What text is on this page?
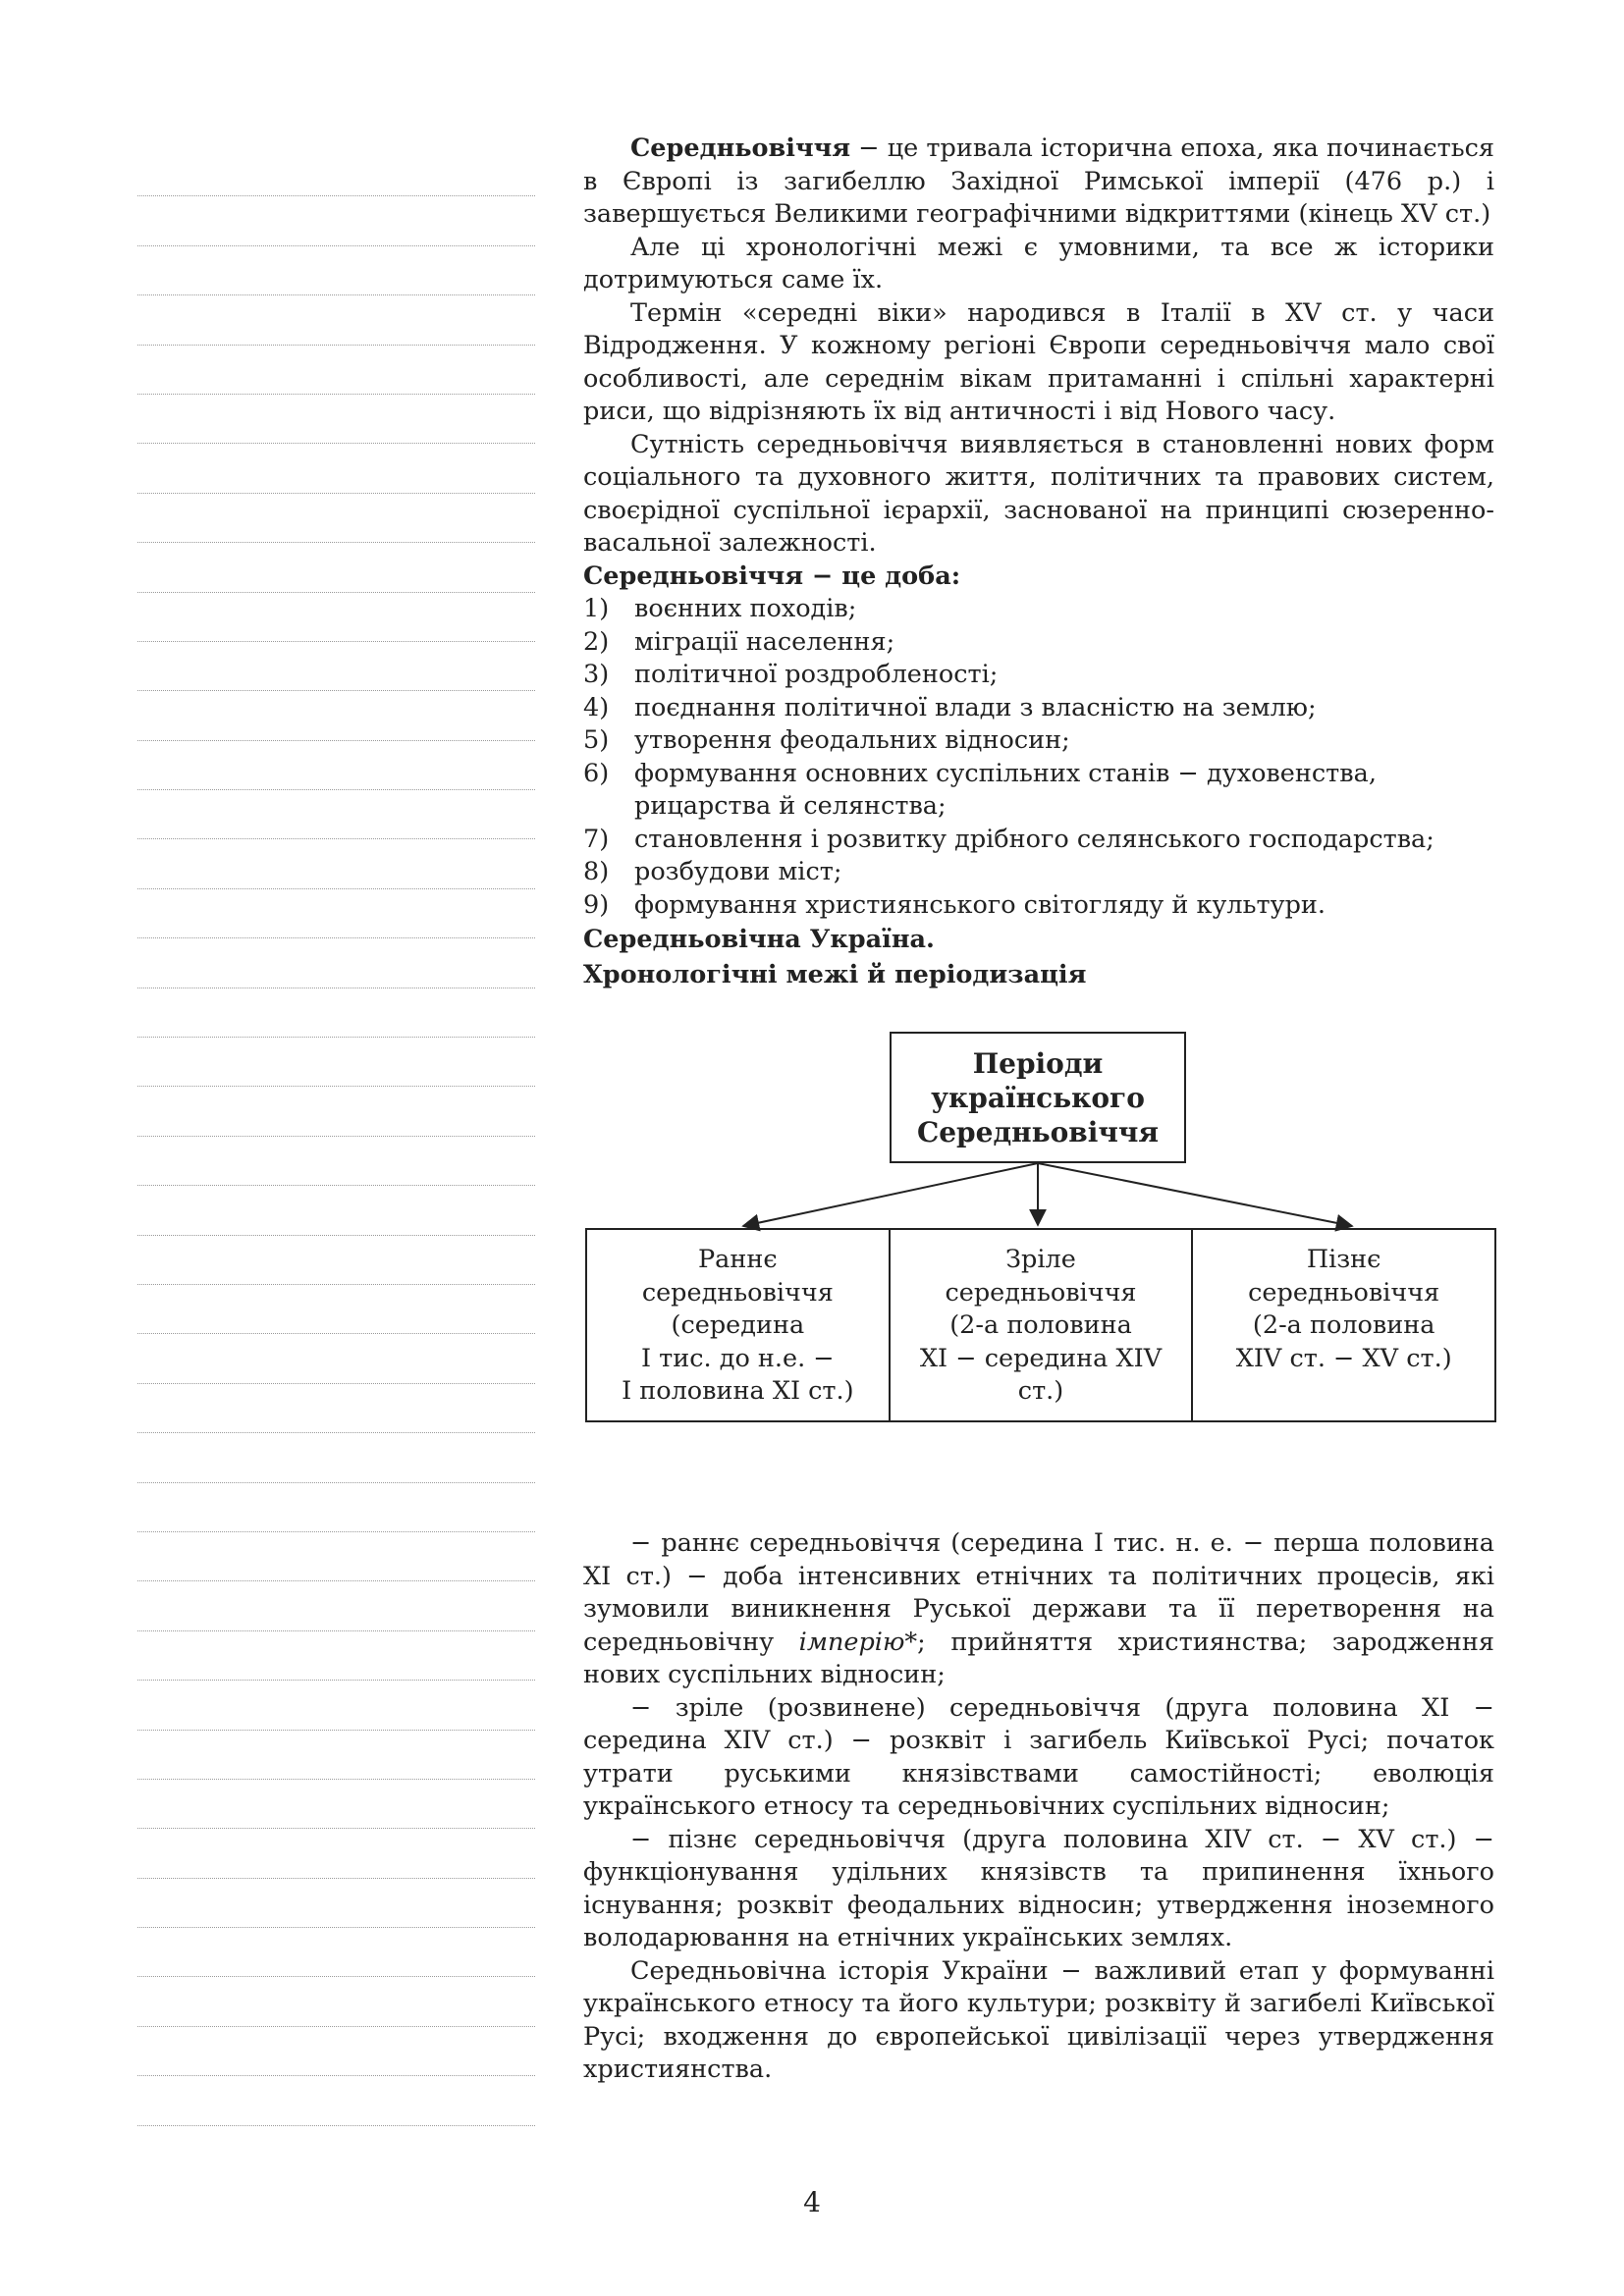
Середньовіччя − це тривала історична епоха, яка починається в Європі із загибеллю Західної Римської імперії (476 р.) і завершується Великими географічними відкриттями (кінець XV ст.)

Але ці хронологічні межі є умовними, та все ж історики дотримуються саме їх.

Термін «середні віки» народився в Італії в XV ст. у часи Відродження. У кожному регіоні Європи середньовіччя мало свої особливості, але середнім вікам притаманні і спільні характерні риси, що відрізняють їх від античності і від Нового часу.

Сутність середньовіччя виявляється в становленні нових форм соціального та духовного життя, політичних та правових систем, своєрідної суспільної ієрархії, заснованої на принципі сюзеренно-васальної залежності.

Середньовіччя − це доба:

1)	воєнних походів;
2)	міграції населення;
3)	політичної роздробленості;
4)	поєднання політичної влади з власністю на землю;
5)	утворення феодальних відносин;
6)	формування основних суспільних станів − духовенства, рицарства й селянства;
7)	становлення і розвитку дрібного селянського господарства;
8)	розбудови міст;
9)	формування християнського світогляду й культури.

Середньовічна Україна.

Хронологічні межі й періодизація

Періоди
українського
Середньовіччя
Раннє
середньовіччя
(середина
I тис. до н.е. −
I половина XI ст.)
Зріле
середньовіччя
(2-а половина
XI − середина XIV
ст.)
Пізнє
середньовіччя
(2-а половина
XIV ст. − XV ст.)

− раннє середньовіччя (середина I тис. н. е. − перша половина XI ст.) − доба інтенсивних етнічних та політичних процесів, які зумовили виникнення Руської держави та її перетворення на середньовічну імперію*; прийняття християнства; зародження нових суспільних відносин;

− зріле (розвинене) середньовіччя (друга половина XI − середина XIV ст.) − розквіт і загибель Київської Русі; початок утрати руськими князівствами самостійності; еволюція українського етносу та середньовічних суспільних відносин;

− пізнє середньовіччя (друга половина XIV ст. − XV ст.) − функціонування удільних князівств та припинення їхнього існування; розквіт феодальних відносин; утвердження іноземного володарювання на етнічних українських землях.

Середньовічна історія України − важливий етап у формуванні українського етносу та його культури; розквіту й загибелі Київської Русі; входження до європейської цивілізації через утвердження християнства.

4
